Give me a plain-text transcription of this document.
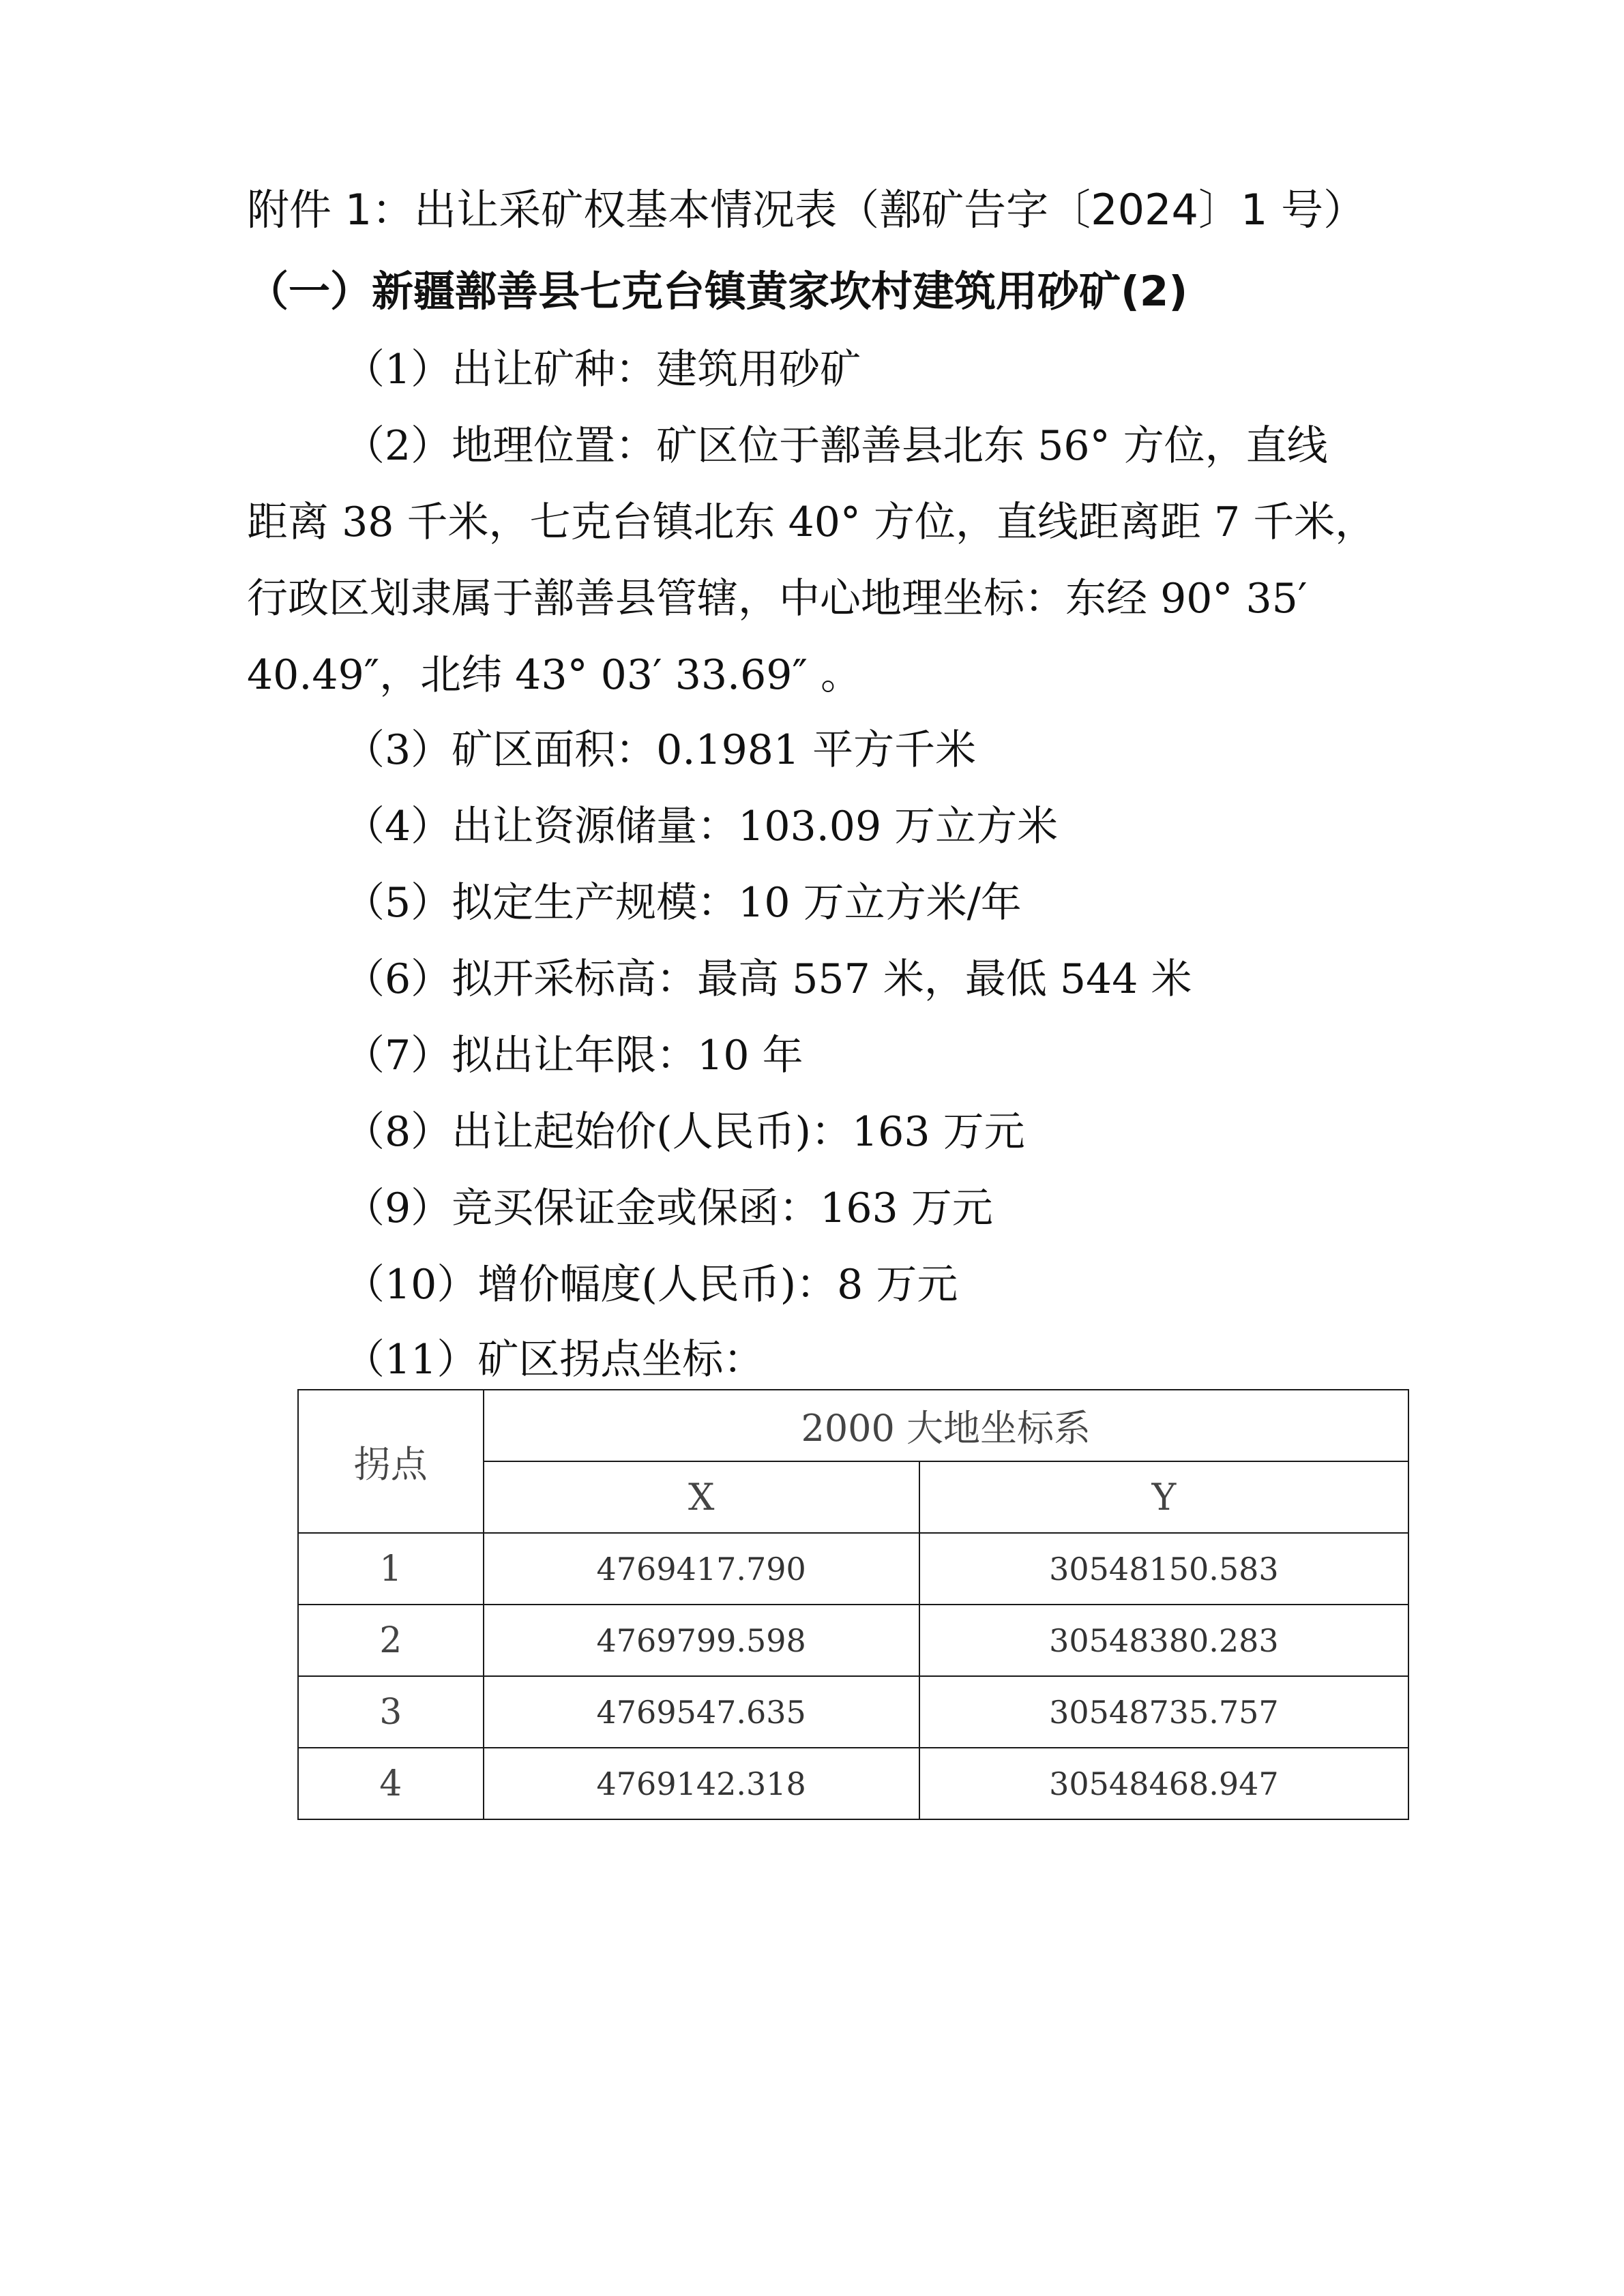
附件 1：出让采矿权基本情况表（鄯矿告字〔2024〕1 号）
（一）新疆鄯善县七克台镇黄家坎村建筑用砂矿(2)
（1）出让矿种：建筑用砂矿
（2）地理位置：矿区位于鄯善县北东 56° 方位，直线
距离 38 千米，七克台镇北东 40° 方位，直线距离距 7 千米，
行政区划隶属于鄯善县管辖，中心地理坐标：东经 90° 35′
40.49″，北纬 43° 03′ 33.69″ 。
（3）矿区面积：0.1981 平方千米
（4）出让资源储量：103.09 万立方米
（5）拟定生产规模：10 万立方米/年
（6）拟开采标高：最高 557 米，最低 544 米
（7）拟出让年限：10 年
（8）出让起始价(人民币)：163 万元
（9）竞买保证金或保函：163 万元
（10）增价幅度(人民币)：8 万元
（11）矿区拐点坐标：
拐点	2000 大地坐标系	
	X	Y
1	4769417.790	30548150.583
2	4769799.598	30548380.283
3	4769547.635	30548735.757
4	4769142.318	30548468.947
